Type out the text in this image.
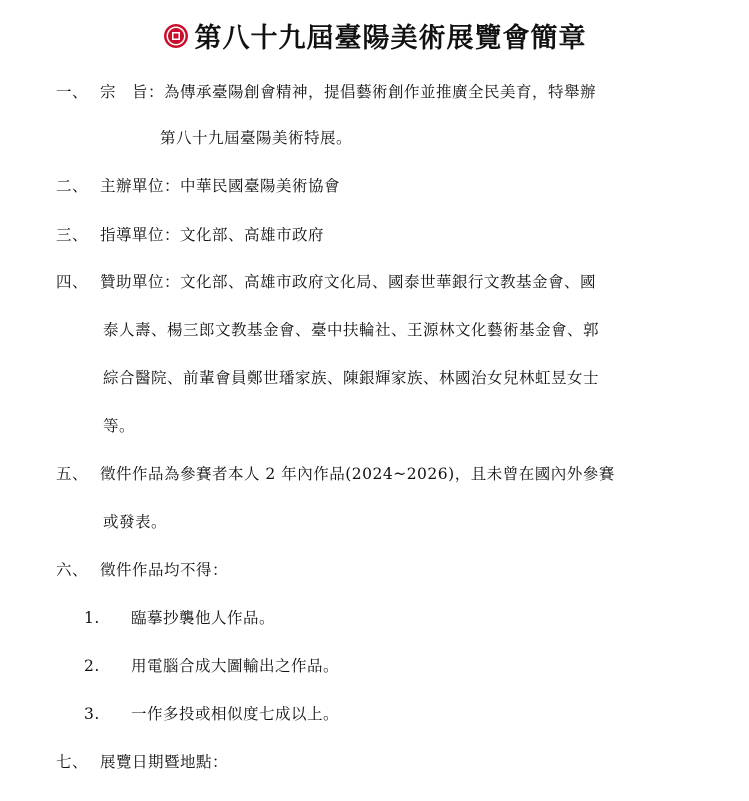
第八十九屆臺陽美術展覽會簡章
一、 宗　旨：為傳承臺陽創會精神，提倡藝術創作並推廣全民美育，特舉辦
第八十九屆臺陽美術特展。
二、 主辦單位：中華民國臺陽美術協會
三、 指導單位：文化部、高雄市政府
四、 贊助單位：文化部、高雄市政府文化局、國泰世華銀行文教基金會、國
泰人壽、楊三郎文教基金會、臺中扶輪社、王源林文化藝術基金會、郭
綜合醫院、前輩會員鄭世璠家族、陳銀輝家族、林國治女兒林虹昱女士
等。
五、 徵件作品為參賽者本人 2 年內作品(2024~2026)，且未曾在國內外參賽
或發表。
六、 徵件作品均不得：
1. 臨摹抄襲他人作品。
2. 用電腦合成大圖輸出之作品。
3. 一作多投或相似度七成以上。
七、 展覽日期暨地點：
